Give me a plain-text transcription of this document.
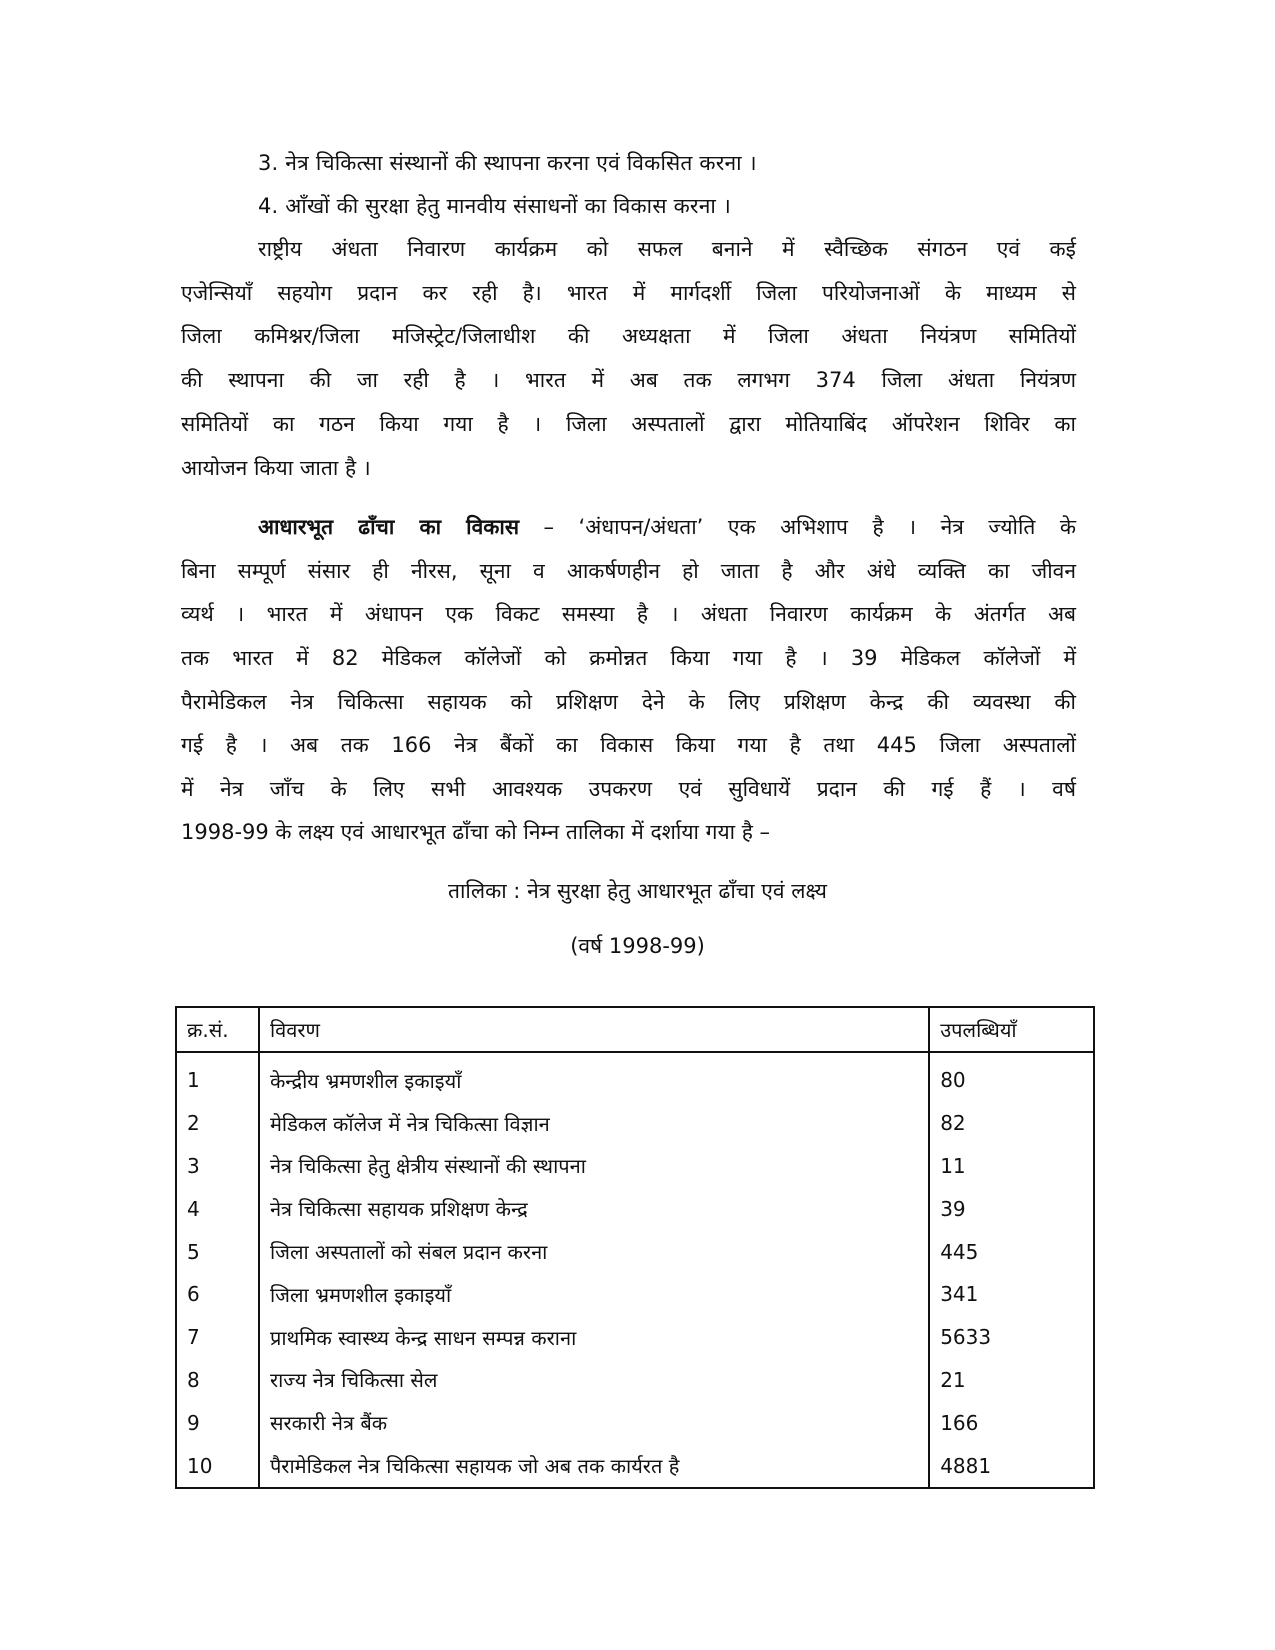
3. नेत्र चिकित्सा संस्थानों की स्थापना करना एवं विकसित करना ।
4. आँखों की सुरक्षा हेतु मानवीय संसाधनों का विकास करना ।
राष्ट्रीय अंधता निवारण कार्यक्रम को सफल बनाने में स्वैच्छिक संगठन एवं कई
एजेन्सियाँ सहयोग प्रदान कर रही है। भारत में मार्गदर्शी जिला परियोजनाओं के माध्यम से
जिला कमिश्नर/जिला मजिस्ट्रेट/जिलाधीश की अध्यक्षता में जिला अंधता नियंत्रण समितियों
की स्थापना की जा रही है । भारत में अब तक लगभग 374 जिला अंधता नियंत्रण
समितियों का गठन किया गया है । जिला अस्पतालों द्वारा मोतियाबिंद ऑपरेशन शिविर का
आयोजन किया जाता है ।
आधारभूत ढाँचा का विकास – ‘अंधापन/अंधता’ एक अभिशाप है । नेत्र ज्योति के
बिना सम्पूर्ण संसार ही नीरस, सूना व आकर्षणहीन हो जाता है और अंधे व्यक्ति का जीवन
व्यर्थ । भारत में अंधापन एक विकट समस्या है । अंधता निवारण कार्यक्रम के अंतर्गत अब
तक भारत में 82 मेडिकल कॉलेजों को क्रमोन्नत किया गया है । 39 मेडिकल कॉलेजों में
पैरामेडिकल नेत्र चिकित्सा सहायक को प्रशिक्षण देने के लिए प्रशिक्षण केन्द्र की व्यवस्था की
गई है । अब तक 166 नेत्र बैंकों का विकास किया गया है तथा 445 जिला अस्पतालों
में नेत्र जाँच के लिए सभी आवश्यक उपकरण एवं सुविधायें प्रदान की गई हैं । वर्ष
1998-99 के लक्ष्य एवं आधारभूत ढाँचा को निम्न तालिका में दर्शाया गया है –
तालिका : नेत्र सुरक्षा हेतु आधारभूत ढाँचा एवं लक्ष्य
(वर्ष 1998-99)
क्र.सं.	विवरण	उपलब्धियाँ
1	केन्द्रीय भ्रमणशील इकाइयाँ	80
2	मेडिकल कॉलेज में नेत्र चिकित्सा विज्ञान	82
3	नेत्र चिकित्सा हेतु क्षेत्रीय संस्थानों की स्थापना	11
4	नेत्र चिकित्सा सहायक प्रशिक्षण केन्द्र	39
5	जिला अस्पतालों को संबल प्रदान करना	445
6	जिला भ्रमणशील इकाइयाँ	341
7	प्राथमिक स्वास्थ्य केन्द्र साधन सम्पन्न कराना	5633
8	राज्य नेत्र चिकित्सा सेल	21
9	सरकारी नेत्र बैंक	166
10	पैरामेडिकल नेत्र चिकित्सा सहायक जो अब तक कार्यरत है	4881
